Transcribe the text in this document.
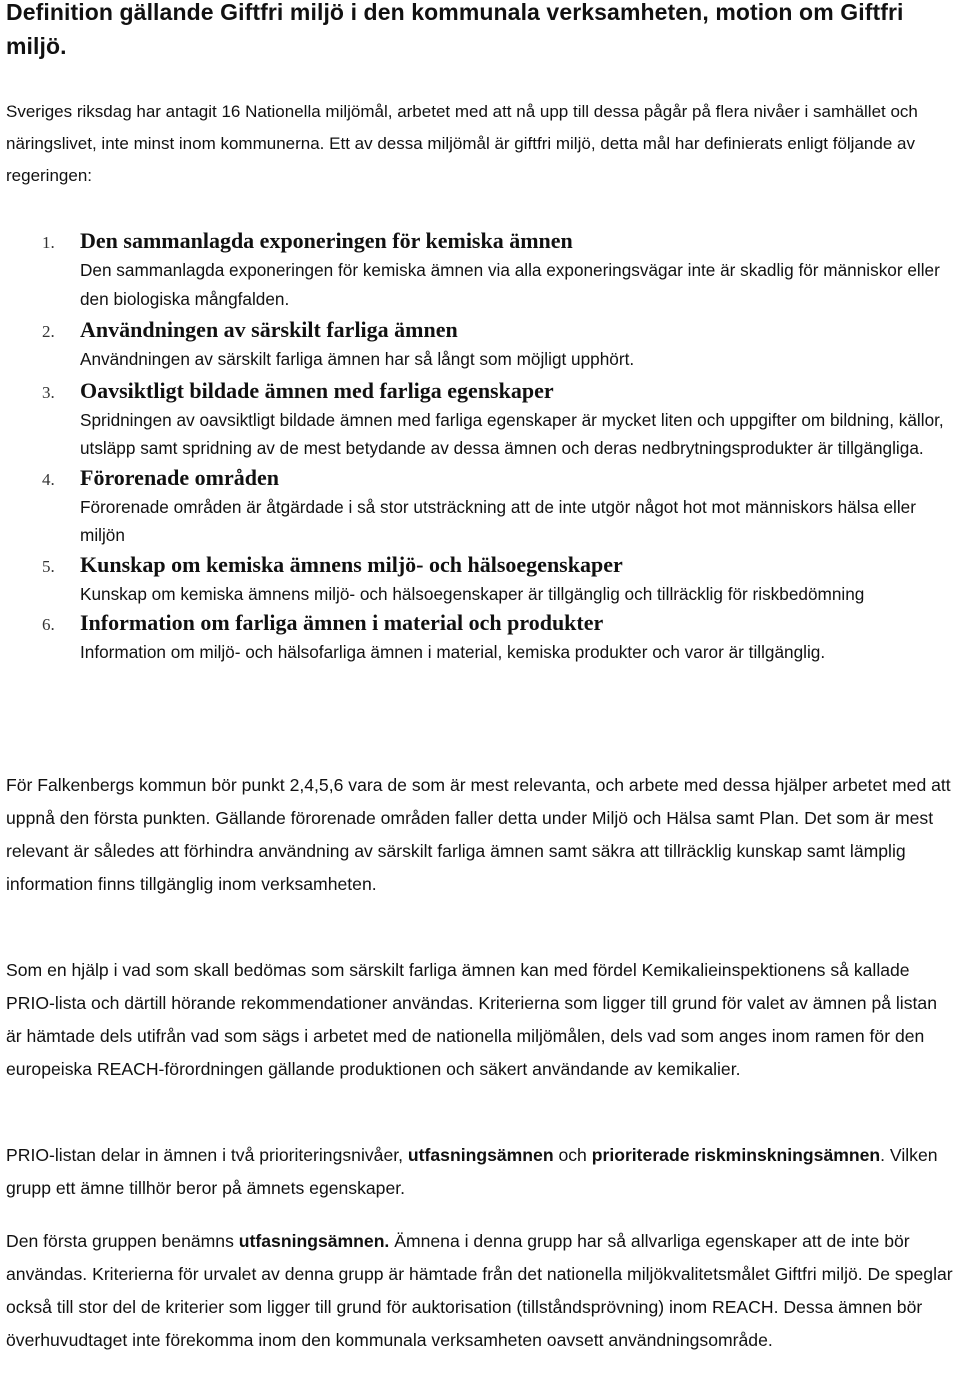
Definition gällande Giftfri miljö i den kommunala verksamheten, motion om Giftfri miljö.

Sveriges riksdag har antagit 16 Nationella miljömål, arbetet med att nå upp till dessa pågår på flera nivåer i samhället och näringslivet, inte minst inom kommunerna. Ett av dessa miljömål är giftfri miljö, detta mål har definierats enligt följande av regeringen:

1.	Den sammanlagda exponeringen för kemiska ämnen
Den sammanlagda exponeringen för kemiska ämnen via alla exponeringsvägar inte är skadlig för människor eller den biologiska mångfalden.
2.	Användningen av särskilt farliga ämnen
Användningen av särskilt farliga ämnen har så långt som möjligt upphört.
3.	Oavsiktligt bildade ämnen med farliga egenskaper
Spridningen av oavsiktligt bildade ämnen med farliga egenskaper är mycket liten och uppgifter om bildning, källor, utsläpp samt spridning av de mest betydande av dessa ämnen och deras nedbrytningsprodukter är tillgängliga.
4.	Förorenade områden
Förorenade områden är åtgärdade i så stor utsträckning att de inte utgör något hot mot människors hälsa eller miljön
5.	Kunskap om kemiska ämnens miljö- och hälsoegenskaper
Kunskap om kemiska ämnens miljö- och hälsoegenskaper är tillgänglig och tillräcklig för riskbedömning
6.	Information om farliga ämnen i material och produkter
Information om miljö- och hälsofarliga ämnen i material, kemiska produkter och varor är tillgänglig.

För Falkenbergs kommun bör punkt 2,4,5,6 vara de som är mest relevanta, och arbete med dessa hjälper arbetet med att uppnå den första punkten. Gällande förorenade områden faller detta under Miljö och Hälsa samt Plan. Det som är mest relevant är således att förhindra användning av särskilt farliga ämnen samt säkra att tillräcklig kunskap samt lämplig information finns tillgänglig inom verksamheten.

Som en hjälp i vad som skall bedömas som särskilt farliga ämnen kan med fördel Kemikalieinspektionens så kallade PRIO-lista och därtill hörande rekommendationer användas. Kriterierna som ligger till grund för valet av ämnen på listan är hämtade dels utifrån vad som sägs i arbetet med de nationella miljömålen, dels vad som anges inom ramen för den europeiska REACH-förordningen gällande produktionen och säkert användande av kemikalier.

PRIO-listan delar in ämnen i två prioriteringsnivåer, utfasningsämnen och prioriterade riskminskningsämnen. Vilken grupp ett ämne tillhör beror på ämnets egenskaper.

Den första gruppen benämns utfasningsämnen. Ämnena i denna grupp har så allvarliga egenskaper att de inte bör användas. Kriterierna för urvalet av denna grupp är hämtade från det nationella miljökvalitetsmålet Giftfri miljö. De speglar också till stor del de kriterier som ligger till grund för auktorisation (tillståndsprövning) inom REACH. Dessa ämnen bör överhuvudtaget inte förekomma inom den kommunala verksamheten oavsett användningsområde.
